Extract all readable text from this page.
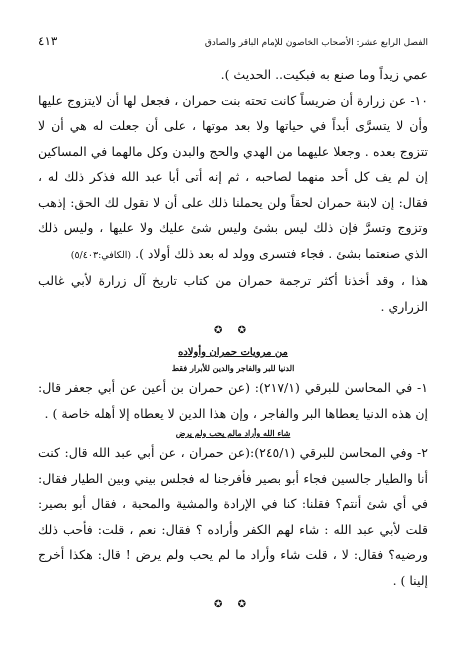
الفصل الرابع عشر: الأصحاب الخاصون للإمام الباقر والصادق
٤١٣

عمي زيداً وما صنع به فبكيت.. الحديث ).

١٠- عن زرارة أن ضريساً كانت تحته بنت حمران ، فجعل لها أن لايتزوج عليها وأن لا يتسرَّى أبداً في حياتها ولا بعد موتها ، على أن جعلت له هي أن لا تتزوج بعده . وجعلا عليهما من الهدي والحج والبدن وكل مالهما في المساكين إن لم يف كل أحد منهما لصاحبه ، ثم إنه أتى أبا عبد الله فذكر ذلك له ، فقال: إن لابنة حمران لحقاً ولن يحملنا ذلك على أن لا نقول لك الحق: إذهب وتزوج وتسرَّ فإن ذلك ليس بشئ وليس شئ عليك ولا عليها ، وليس ذلك الذي صنعتما بشئ . فجاء فتسرى وولد له بعد ذلك أولاد ). (الكافي:٥/٤٠٣)

هذا ، وقد أخذنا أكثر ترجمة حمران من كتاب تاريخ آل زرارة لأبي غالب الزراري .

✪ ✪
من مرويات حمران وأولاده
الدنيا للبر والفاجر والدين للأبرار فقط

١- في المحاسن للبرقي (٢١٧/١): (عن حمران بن أعين عن أبي جعفر قال: إن هذه الدنيا يعطاها البر والفاجر ، وإن هذا الدين لا يعطاه إلا أهله خاصة ) .

شاء الله وأراد مالم يحب ولم يرض

٢- وفي المحاسن للبرقي (٢٤٥/١):(عن حمران ، عن أبي عبد الله قال: كنت أنا والطيار جالسين فجاء أبو بصير فأفرجنا له فجلس بيني وبين الطيار فقال: في أي شئ أنتم؟ فقلنا: كنا في الإرادة والمشية والمحبة ، فقال أبو بصير: قلت لأبي عبد الله : شاء لهم الكفر وأراده ؟ فقال: نعم ، قلت: فأحب ذلك ورضيه؟ فقال: لا ، قلت شاء وأراد ما لم يحب ولم يرض ! قال: هكذا أخرج إلينا ) .

✪ ✪
